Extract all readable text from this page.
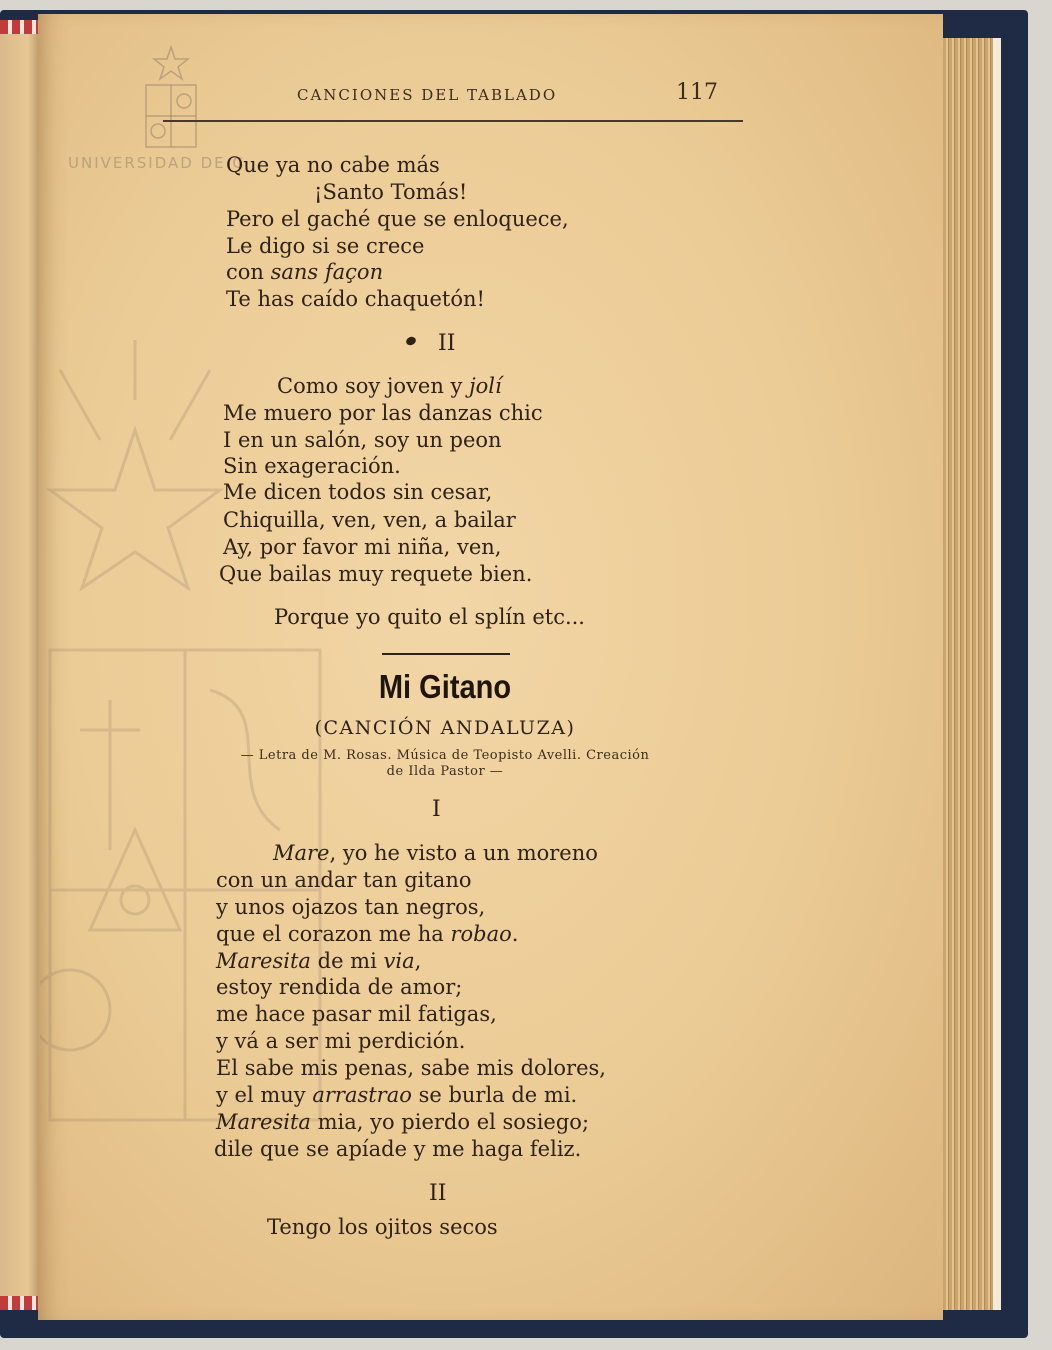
UNIVERSIDAD DE C
CANCIONES DEL TABLADO	117
Que ya no cabe más
¡Santo Tomás!
Pero el gaché que se enloquece,
Le digo si se crece
con sans façon
Te has caído chaquetón!
II
Como soy joven y jolí
Me muero por las danzas chic
I en un salón, soy un peon
Sin exageración.
Me dicen todos sin cesar,
Chiquilla, ven, ven, a bailar
Ay, por favor mi niña, ven,
Que bailas muy requete bien.
Porque yo quito el splín etc...
Mi Gitano
(CANCIÓN ANDALUZA)
— Letra de M. Rosas. Música de Teopisto Avelli. Creación
de Ilda Pastor —
I
Mare, yo he visto a un moreno
con un andar tan gitano
y unos ojazos tan negros,
que el corazon me ha robao.
Maresita de mi via,
estoy rendida de amor;
me hace pasar mil fatigas,
y vá a ser mi perdición.
El sabe mis penas, sabe mis dolores,
y el muy arrastrao se burla de mi.
Maresita mia, yo pierdo el sosiego;
dile que se apíade y me haga feliz.
II
Tengo los ojitos secos
